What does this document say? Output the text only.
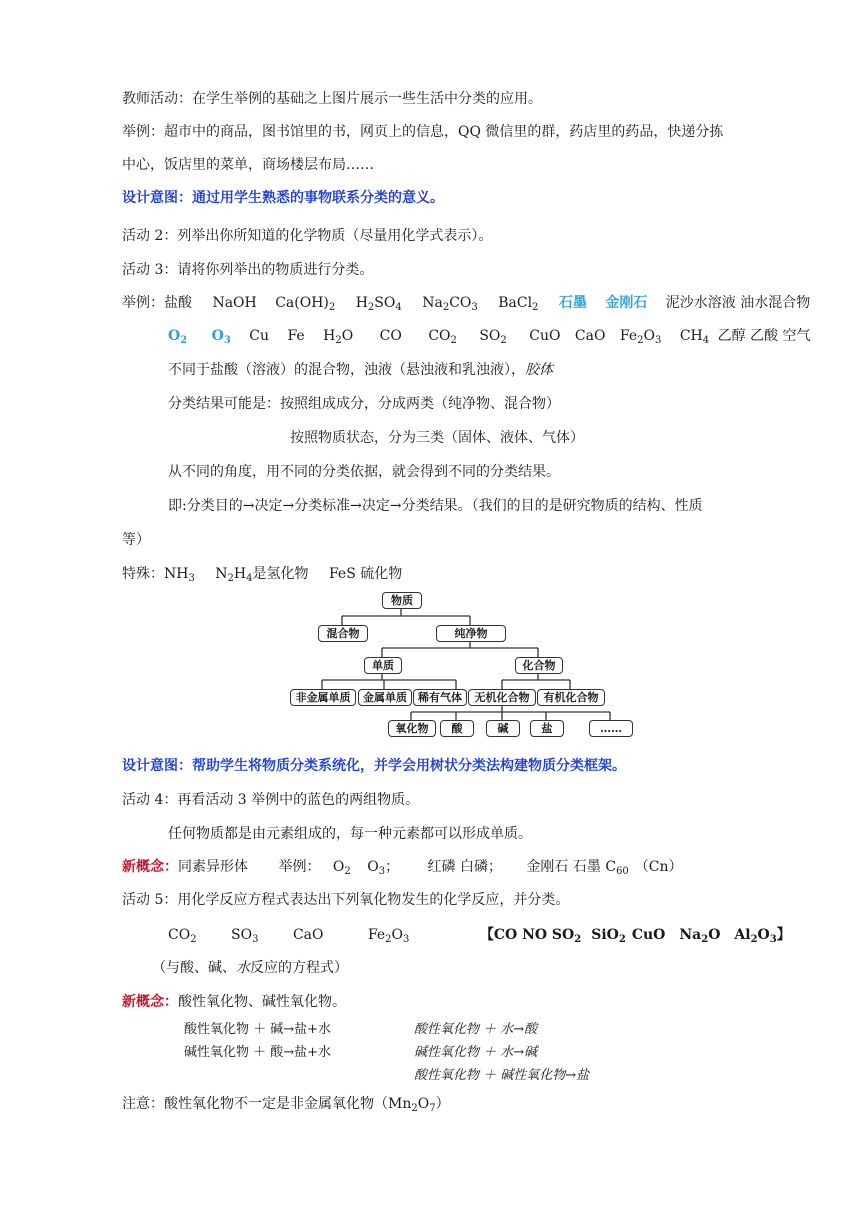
教师活动：在学生举例的基础之上图片展示一些生活中分类的应用。
举例：超市中的商品，图书馆里的书，网页上的信息，QQ 微信里的群，药店里的药品，快递分拣
中心，饭店里的菜单，商场楼层布局……
设计意图：通过用学生熟悉的事物联系分类的意义。
活动 2：列举出你所知道的化学物质（尽量用化学式表示）。
活动 3：请将你列举出的物质进行分类。
举例：盐酸 NaOH $Ca(OH)_2$ $H_2SO_4$ $Na_2CO_3$ BaCl$_2$ 石墨 金刚石 泥沙水溶液 油水混合物
$O_2$ $O_3$ Cu Fe $H_2O$ CO $CO_2$ $SO_2$ CuO CaO $Fe_2O_3$ $CH_4$ 乙醇 乙酸 空气
不同于盐酸（溶液）的混合物，浊液（悬浊液和乳浊液），胶体
分类结果可能是：按照组成成分，分成两类（纯净物、混合物）
按照物质状态，分为三类（固体、液体、气体）
从不同的角度，用不同的分类依据，就会得到不同的分类结果。
即:分类目的→决定→分类标准→决定→分类结果。（我们的目的是研究物质的结构、性质
等）
特殊：$NH_3$ $N_2H_4$是氢化物 FeS 硫化物
物质
混合物	纯净物
单质	化合物
非金属单质	金属单质	稀有气体	无机化合物	有机化合物
氧化物	酸	碱	盐	……
设计意图：帮助学生将物质分类系统化，并学会用树状分类法构建物质分类框架。
活动 4：再看活动 3 举例中的蓝色的两组物质。
任何物质都是由元素组成的，每一种元素都可以形成单质。
新概念：同素异形体 举例： $O_2$ $O_3$； 红磷 白磷； 金刚石 石墨 $C_{60}$ （Cn）
活动 5：用化学反应方程式表达出下列氧化物发生的化学反应，并分类。
$CO_2$ $SO_3$ CaO	$Fe_2O_3$	【CO NO $SO_2$ SiO$_2$ CuO $Na_2O$ $Al_2O_3$】
（与酸、碱、水反应的方程式）
新概念：酸性氧化物、碱性氧化物。
酸性氧化物 ＋ 碱→盐+水
碱性氧化物 ＋ 酸→盐+水
酸性氧化物 ＋ 水→酸
碱性氧化物 ＋ 水→碱
酸性氧化物 ＋ 碱性氧化物→盐
注意：酸性氧化物不一定是非金属氧化物$(Mn_2O_7)$
